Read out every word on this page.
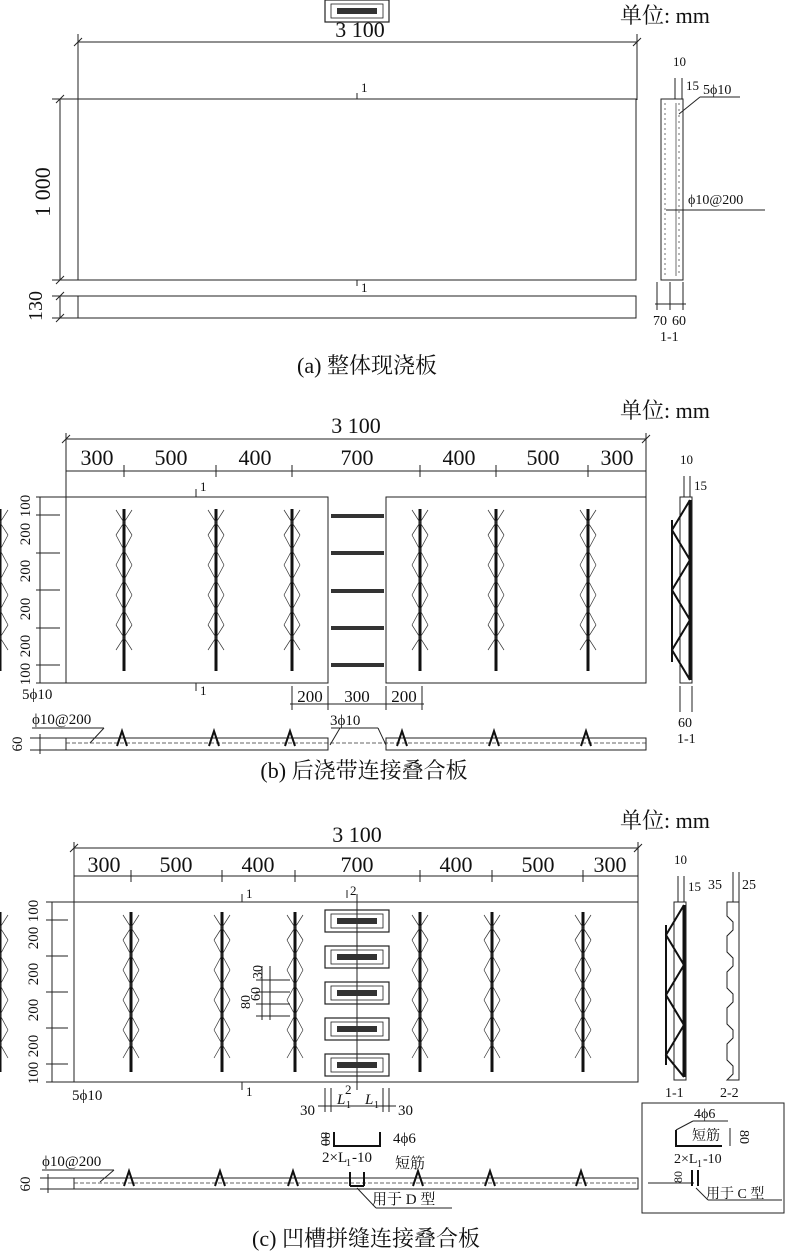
单位: mm
3 100
1 000
1
1
130
10
15 5ϕ10
ϕ10@200
70 60
1-1
(a) 整体现浇板
单位: mm
3 100
300 500 400	700	400 500 300
100
200
200
200
200
100
1
1
5ϕ10	200 300 200
ϕ10@200	3ϕ10
60
10
15
60
1-1
(b) 后浇带连接叠合板
单位: mm
3 100
300 500 400	700	400 500 300
100
200
200
200
200
100
80
60
30
1
1
2
2
5ϕ10	L 1 L 1
30	30
80	4ϕ6
2×L
1 -10 短筋
ϕ10@200
60
用于 D 型
10
15
1-1
35 25
2-2
4ϕ6
短筋 80
2×L 1 -10
80
用于 C 型
(c) 凹槽拼缝连接叠合板
